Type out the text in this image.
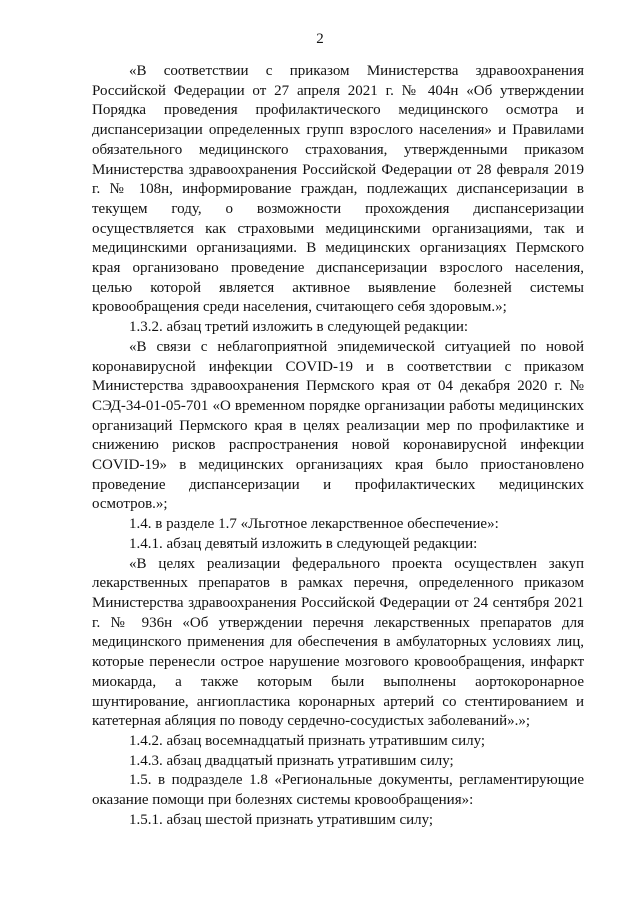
2

«В соответствии с приказом Министерства здравоохранения Российской Федерации от 27 апреля 2021 г. № 404н «Об утверждении Порядка проведения профилактического медицинского осмотра и диспансеризации определенных групп взрослого населения» и Правилами обязательного медицинского страхования, утвержденными приказом Министерства здравоохранения Российской Федерации от 28 февраля 2019 г. № 108н, информирование граждан, подлежащих диспансеризации в текущем году, о возможности прохождения диспансеризации осуществляется как страховыми медицинскими организациями, так и медицинскими организациями. В медицинских организациях Пермского края организовано проведение диспансеризации взрослого населения, целью которой является активное выявление болезней системы кровообращения среди населения, считающего себя здоровым.»;

1.3.2. абзац третий изложить в следующей редакции:

«В связи с неблагоприятной эпидемической ситуацией по новой коронавирусной инфекции COVID-19 и в соответствии с приказом Министерства здравоохранения Пермского края от 04 декабря 2020 г. № СЭД-34-01-05-701 «О временном порядке организации работы медицинских организаций Пермского края в целях реализации мер по профилактике и снижению рисков распространения новой коронавирусной инфекции COVID-19» в медицинских организациях края было приостановлено проведение диспансеризации и профилактических медицинских осмотров.»;

1.4. в разделе 1.7 «Льготное лекарственное обеспечение»:

1.4.1. абзац девятый изложить в следующей редакции:

«В целях реализации федерального проекта осуществлен закуп лекарственных препаратов в рамках перечня, определенного приказом Министерства здравоохранения Российской Федерации от 24 сентября 2021 г. № 936н «Об утверждении перечня лекарственных препаратов для медицинского применения для обеспечения в амбулаторных условиях лиц, которые перенесли острое нарушение мозгового кровообращения, инфаркт миокарда, а также которым были выполнены аортокоронарное шунтирование, ангиопластика коронарных артерий со стентированием и катетерная абляция по поводу сердечно-сосудистых заболеваний».»;

1.4.2. абзац восемнадцатый признать утратившим силу;

1.4.3. абзац двадцатый признать утратившим силу;

1.5. в подразделе 1.8 «Региональные документы, регламентирующие оказание помощи при болезнях системы кровообращения»:

1.5.1. абзац шестой признать утратившим силу;
